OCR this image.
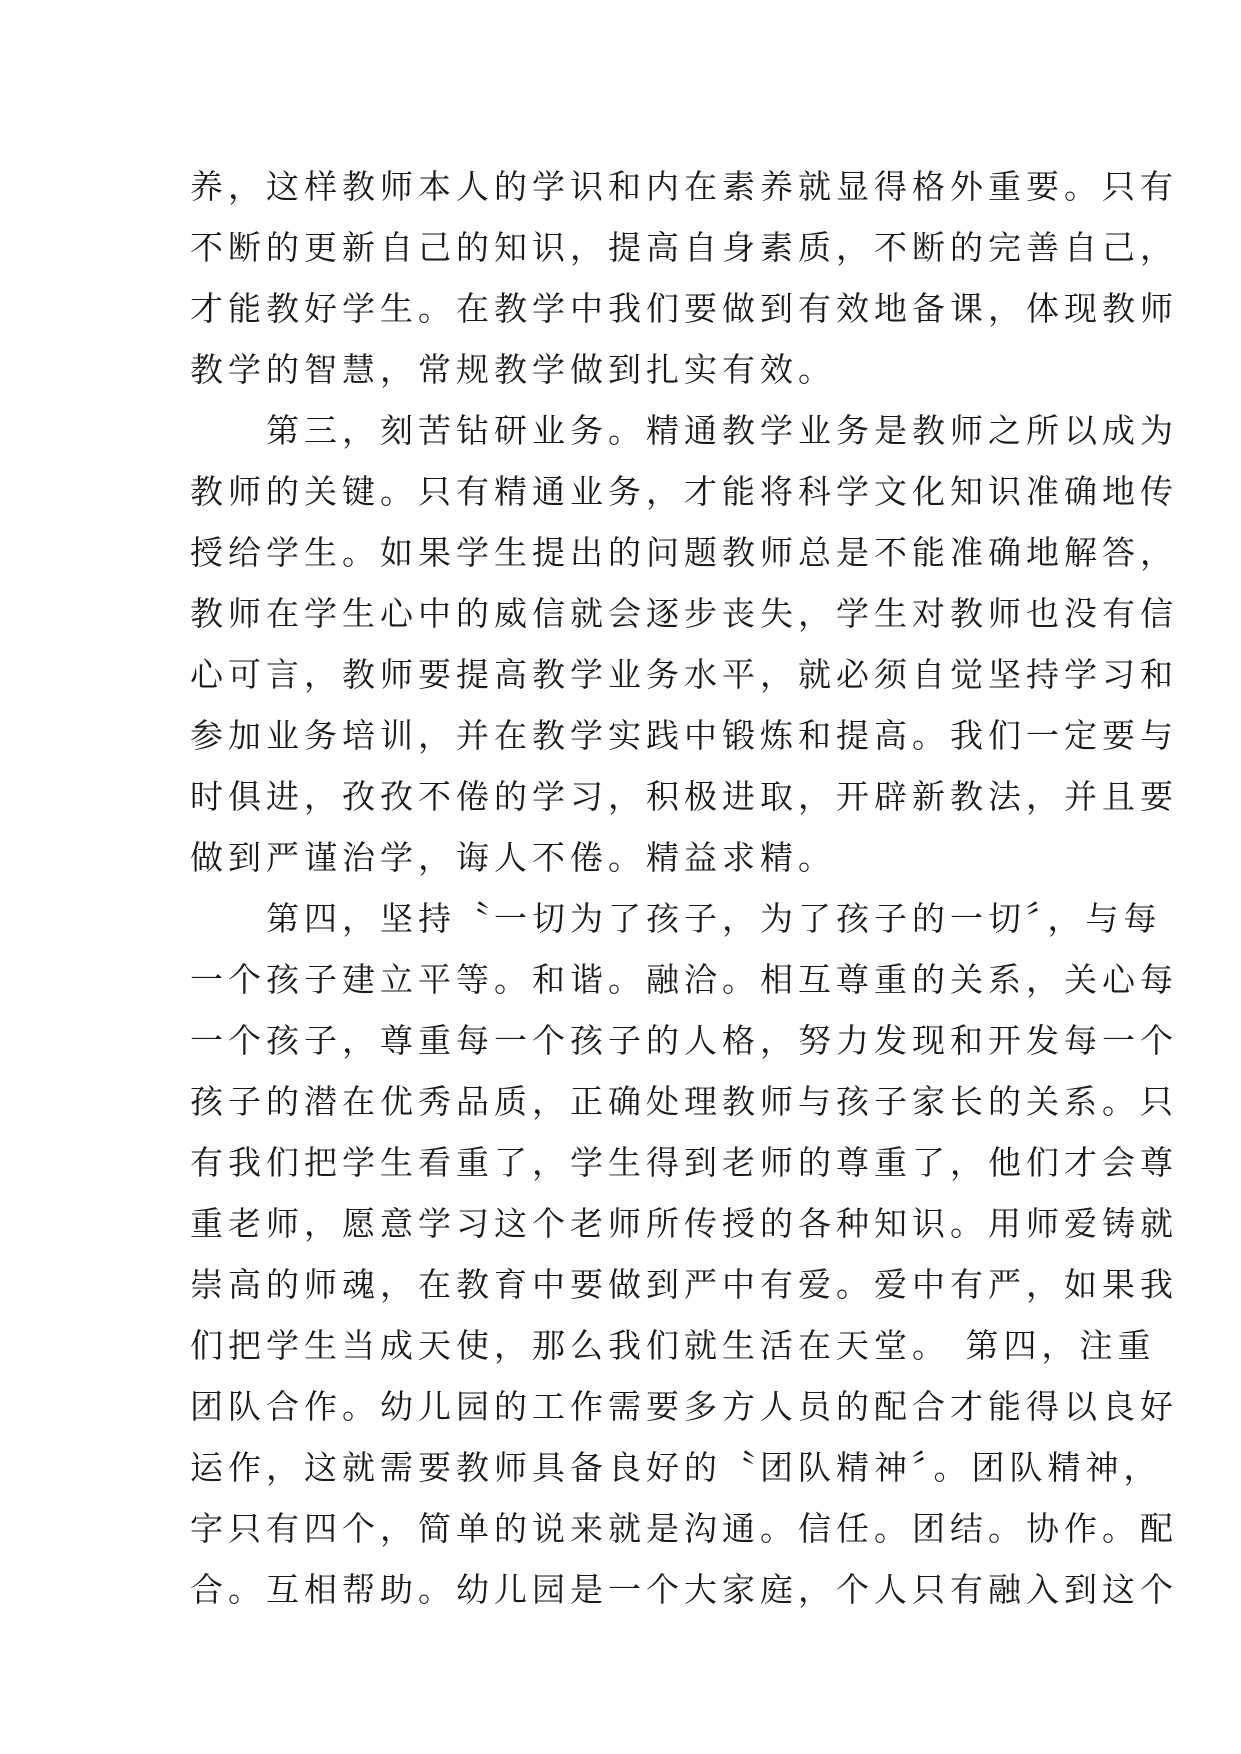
养，这样教师本人的学识和内在素养就显得格外重要。只有

不断的更新自己的知识，提高自身素质，不断的完善自己，

才能教好学生。在教学中我们要做到有效地备课，体现教师

教学的智慧，常规教学做到扎实有效。

　　第三，刻苦钻研业务。精通教学业务是教师之所以成为

教师的关键。只有精通业务，才能将科学文化知识准确地传

授给学生。如果学生提出的问题教师总是不能准确地解答，

教师在学生心中的威信就会逐步丧失，学生对教师也没有信

心可言，教师要提高教学业务水平，就必须自觉坚持学习和

参加业务培训，并在教学实践中锻炼和提高。我们一定要与

时俱进，孜孜不倦的学习，积极进取，开辟新教法，并且要

做到严谨治学，诲人不倦。精益求精。

　　第四，坚持〝一切为了孩子，为了孩子的一切〞，与每

一个孩子建立平等。和谐。融洽。相互尊重的关系，关心每

一个孩子，尊重每一个孩子的人格，努力发现和开发每一个

孩子的潜在优秀品质，正确处理教师与孩子家长的关系。只

有我们把学生看重了，学生得到老师的尊重了，他们才会尊

重老师，愿意学习这个老师所传授的各种知识。用师爱铸就

崇高的师魂，在教育中要做到严中有爱。爱中有严，如果我

们把学生当成天使，那么我们就生活在天堂。 第四，注重

团队合作。幼儿园的工作需要多方人员的配合才能得以良好

运作，这就需要教师具备良好的〝团队精神〞。团队精神，

字只有四个，简单的说来就是沟通。信任。团结。协作。配

合。互相帮助。幼儿园是一个大家庭，个人只有融入到这个
